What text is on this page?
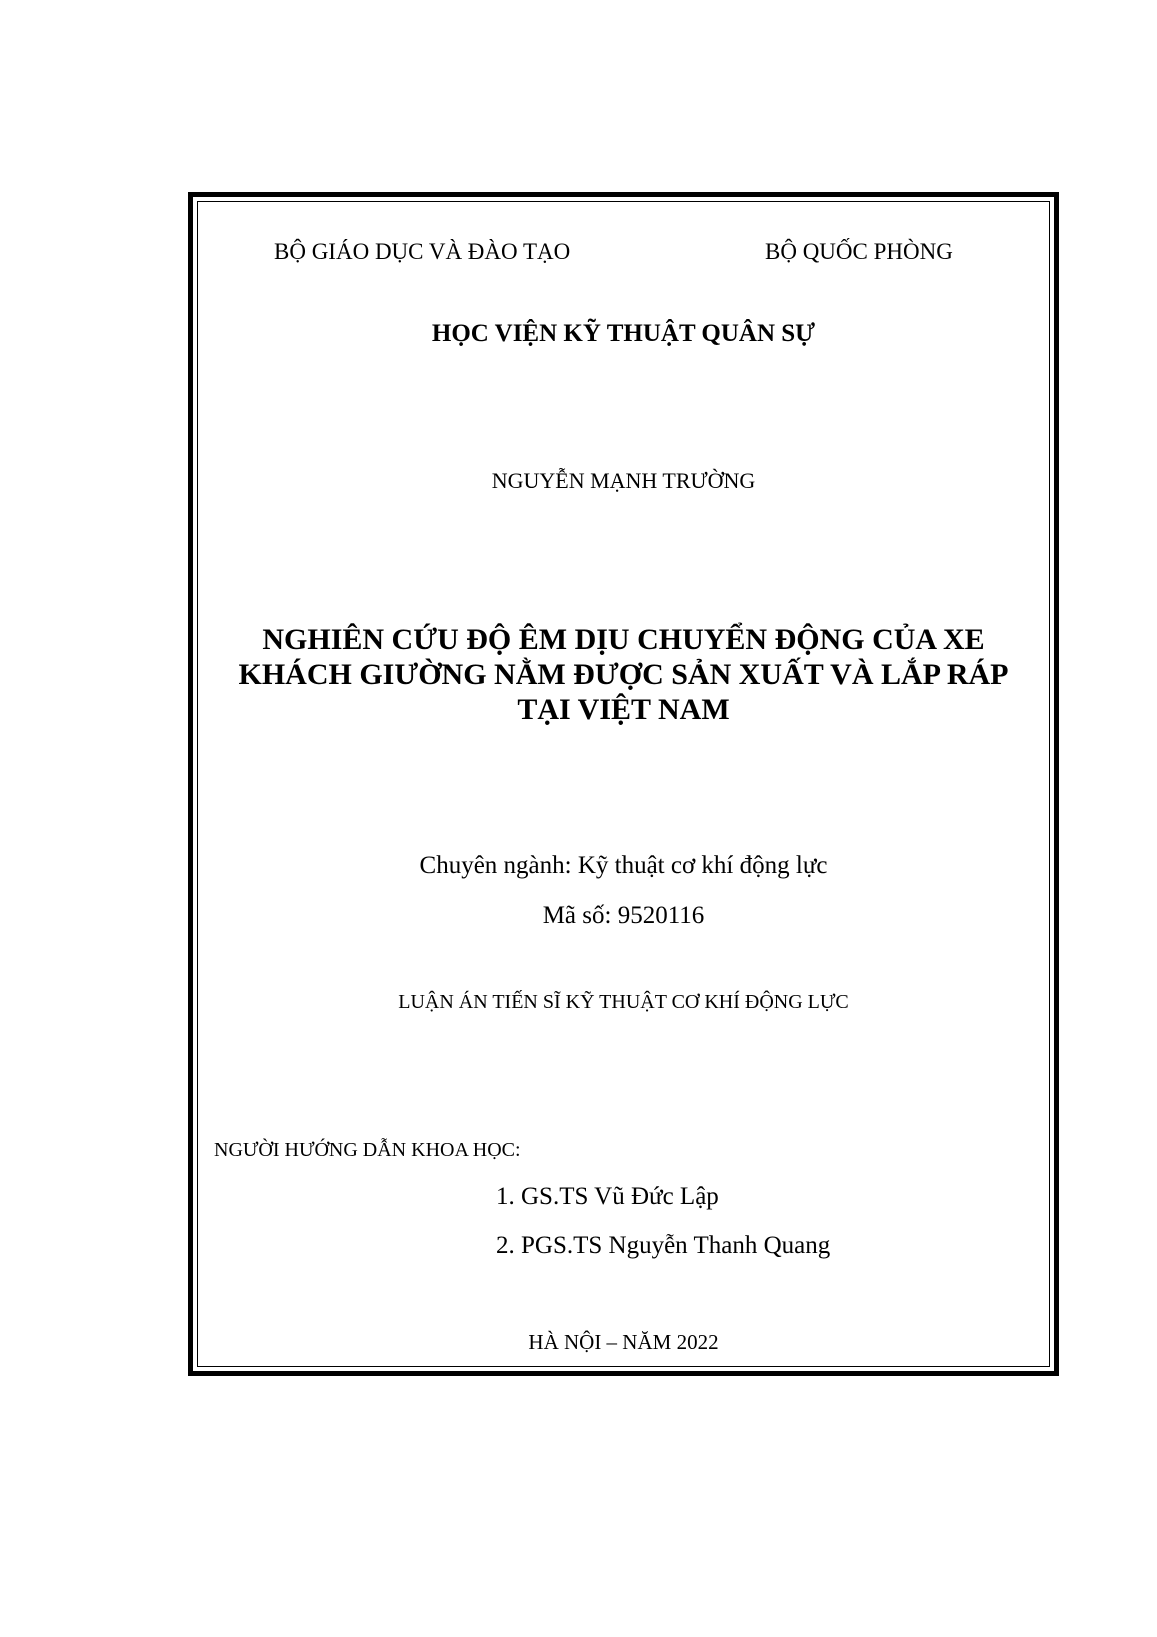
BỘ GIÁO DỤC VÀ ĐÀO TẠO	BỘ QUỐC PHÒNG
HỌC VIỆN KỸ THUẬT QUÂN SỰ
NGUYỄN MẠNH TRƯỜNG
NGHIÊN CỨU ĐỘ ÊM DỊU CHUYỂN ĐỘNG CỦA XE
KHÁCH GIƯỜNG NẰM ĐƯỢC SẢN XUẤT VÀ LẮP RÁP
TẠI VIỆT NAM
Chuyên ngành: Kỹ thuật cơ khí động lực
Mã số: 9520116
LUẬN ÁN TIẾN SĨ KỸ THUẬT CƠ KHÍ ĐỘNG LỰC
NGƯỜI HƯỚNG DẪN KHOA HỌC:
1. GS.TS Vũ Đức Lập
2. PGS.TS Nguyễn Thanh Quang
HÀ NỘI – NĂM 2022
